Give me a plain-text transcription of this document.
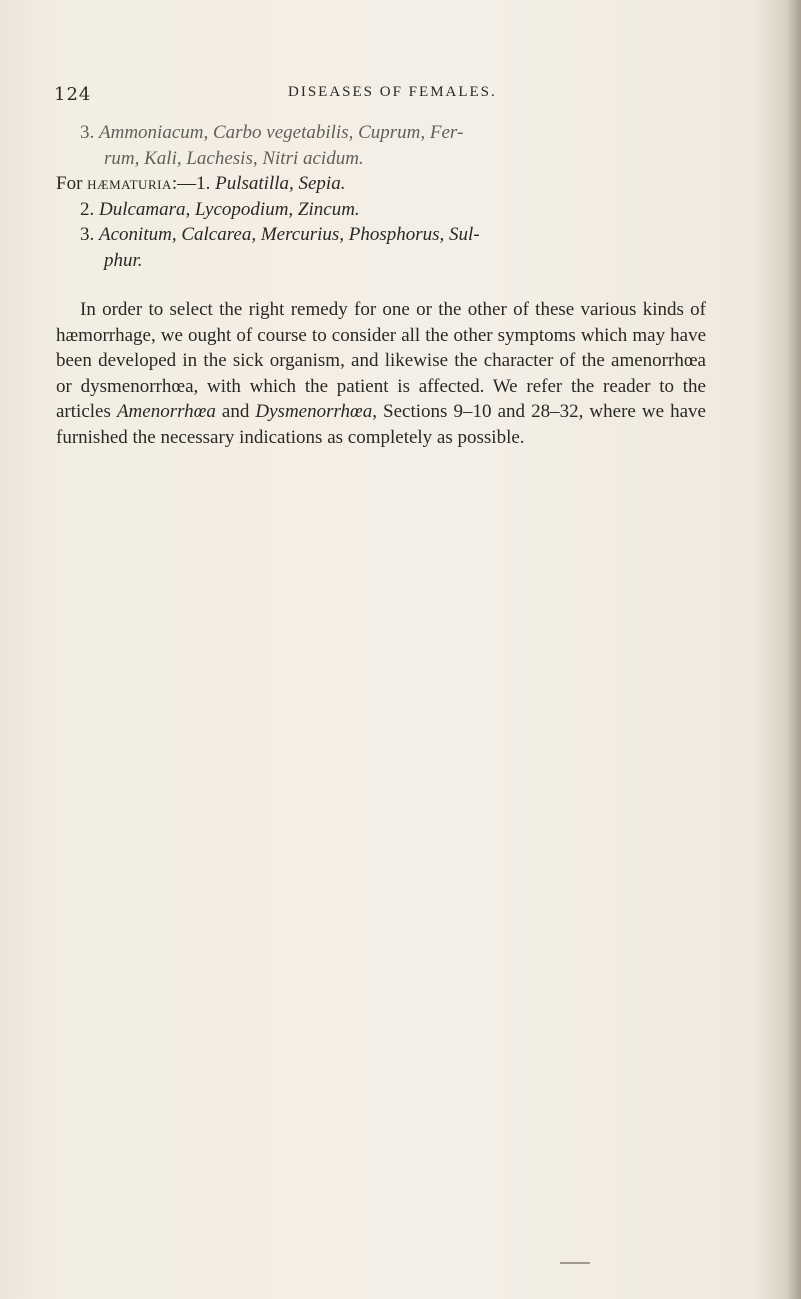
124	DISEASES OF FEMALES.

3. Ammoniacum, Carbo vegetabilis, Cuprum, Fer-

rum, Kali, Lachesis, Nitri acidum.

For hæmaturia:—1. Pulsatilla, Sepia.

2. Dulcamara, Lycopodium, Zincum.

3. Aconitum, Calcarea, Mercurius, Phosphorus, Sul-

phur.

In order to select the right remedy for one or the other of these various kinds of hæmorrhage, we ought of course to consider all the other symptoms which may have been developed in the sick organism, and likewise the character of the amenorrhœa or dysmenorrhœa, with which the patient is affected. We refer the reader to the articles Amenorrhœa and Dysmenorrhœa, Sections 9–10 and 28–32, where we have furnished the necessary indications as completely as possible.
